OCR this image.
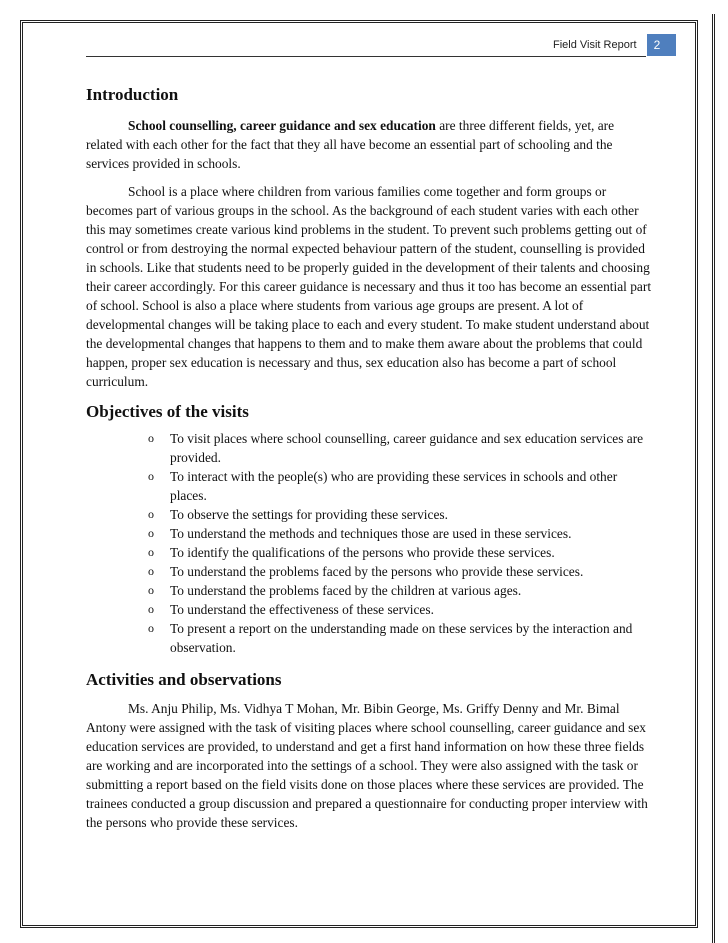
Field Visit Report	2
Introduction

School counselling, career guidance and sex education are three different fields, yet, are related with each other for the fact that they all have become an essential part of schooling and the services provided in schools.

School is a place where children from various families come together and form groups or becomes part of various groups in the school. As the background of each student varies with each other this may sometimes create various kind problems in the student. To prevent such problems getting out of control or from destroying the normal expected behaviour pattern of the student, counselling is provided in schools. Like that students need to be properly guided in the development of their talents and choosing their career accordingly. For this career guidance is necessary and thus it too has become an essential part of school. School is also a place where students from various age groups are present. A lot of developmental changes will be taking place to each and every student. To make student understand about the developmental changes that happens to them and to make them aware about the problems that could happen, proper sex education is necessary and thus, sex education also has become a part of school curriculum.

Objectives of the visits
o To visit places where school counselling, career guidance and sex education services are provided.
o To interact with the people(s) who are providing these services in schools and other places.
o To observe the settings for providing these services.
o To understand the methods and techniques those are used in these services.
o To identify the qualifications of the persons who provide these services.
o To understand the problems faced by the persons who provide these services.
o To understand the problems faced by the children at various ages.
o To understand the effectiveness of these services.
o To present a report on the understanding made on these services by the interaction and observation.
Activities and observations

Ms. Anju Philip, Ms. Vidhya T Mohan, Mr. Bibin George, Ms. Griffy Denny and Mr. Bimal Antony were assigned with the task of visiting places where school counselling, career guidance and sex education services are provided, to understand and get a first hand information on how these three fields are working and are incorporated into the settings of a school. They were also assigned with the task or submitting a report based on the field visits done on those places where these services are provided. The trainees conducted a group discussion and prepared a questionnaire for conducting proper interview with the persons who provide these services.
